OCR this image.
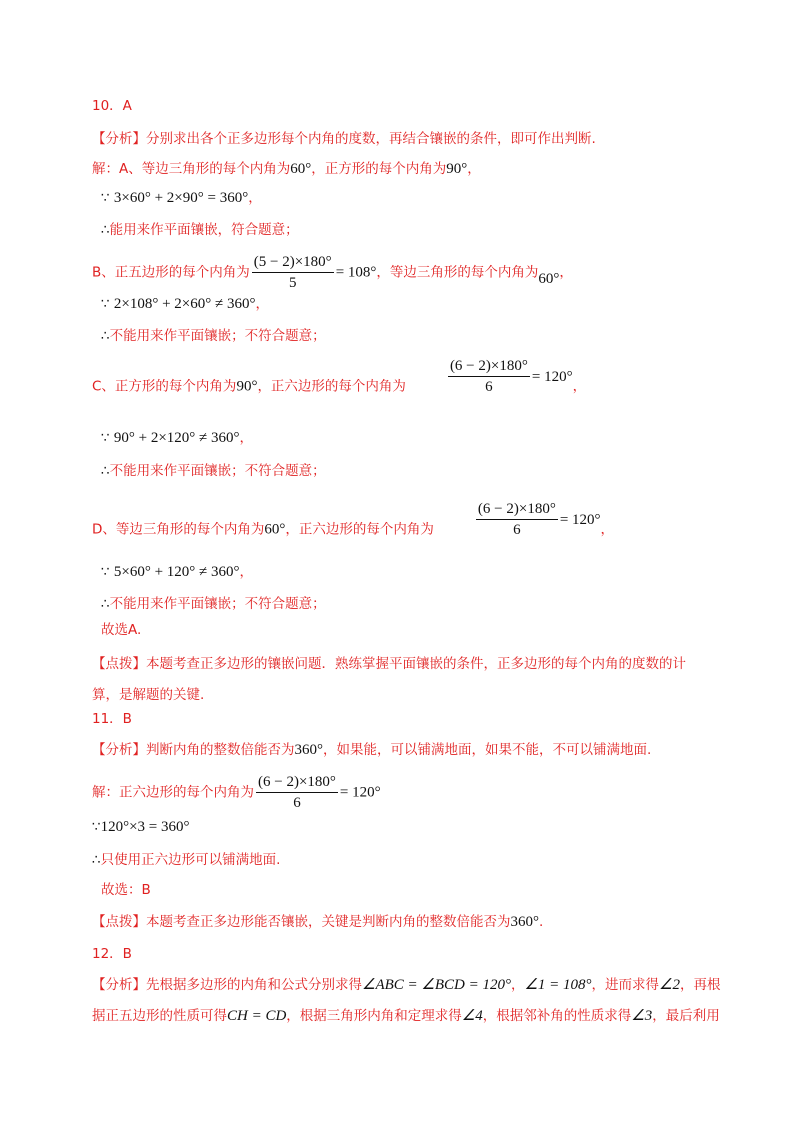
10．A
【分析】分别求出各个正多边形每个内角的度数，再结合镶嵌的条件，即可作出判断.
解：A、等边三角形的每个内角为60°，正方形的每个内角为90°，
∵ 3×60° + 2×90° = 360°，
∴能用来作平面镶嵌，符合题意；
B、正五边形的每个内角为 $\frac{(5 - 2)\times 180^\circ}{5} = 108^\circ$，等边三角形的每个内角为60°，
∵ 2×108° + 2×60° ≠ 360°，
∴不能用来作平面镶嵌；不符合题意；
C、正方形的每个内角为90°，正六边形的每个内角为	$\frac{(6 - 2)\times 180^\circ}{6} = 120^\circ$，
∵ 90° + 2×120° ≠ 360°，
∴不能用来作平面镶嵌；不符合题意；
D、等边三角形的每个内角为60°，正六边形的每个内角为	$\frac{(6 - 2)\times 180^\circ}{6} = 120^\circ$，
∵ 5×60° + 120° ≠ 360°，
∴不能用来作平面镶嵌；不符合题意；
故选A.
【点拨】本题考查正多边形的镶嵌问题．熟练掌握平面镶嵌的条件，正多边形的每个内角的度数的计算，是解题的关键.
11．B
【分析】判断内角的整数倍能否为360°，如果能，可以铺满地面，如果不能，不可以铺满地面.
解：正六边形的每个内角为 $\frac{(6 - 2)\times 180^\circ}{6} = 120^\circ$
∵120°×3 = 360°
∴只使用正六边形可以铺满地面.
故选：B
【点拨】本题考查正多边形能否镶嵌，关键是判断内角的整数倍能否为360°.
12．B
【分析】先根据多边形的内角和公式分别求得∠ABC = ∠BCD = 120°，∠1 = 108°，进而求得∠2，再根
据正五边形的性质可得CH = CD，根据三角形内角和定理求得∠4，根据邻补角的性质求得∠3，最后利用
